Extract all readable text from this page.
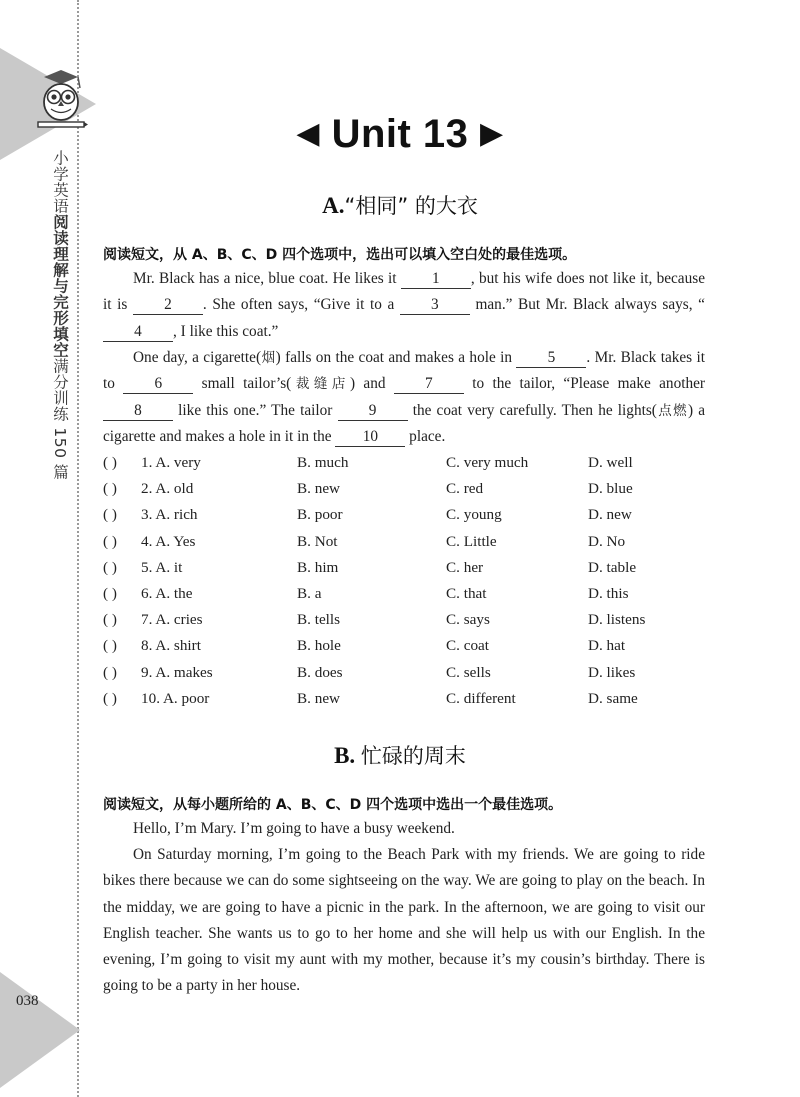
小学英语阅读理解与完形填空满分训练 150 篇
038
◀ Unit 13 ▶
A.“相同” 的大衣
阅读短文，从 A、B、C、D 四个选项中，选出可以填入空白处的最佳选项。
Mr. Black has a nice, blue coat. He likes it 1 , but his wife does not like it, because it is 2 . She often says, “Give it to a 3 man.” But Mr. Black always says, “4 , I like this coat.”
One day, a cigarette(烟) falls on the coat and makes a hole in 5 . Mr. Black takes it to 6 small tailor’s(裁缝店) and 7 to the tailor, “Please make another 8 like this one.” The tailor 9 the coat very carefully. Then he lights(点燃) a cigarette and makes a hole in it in the 10 place.
( ) 1. A. very	B. much	C. very much	D. well
( ) 2. A. old	B. new	C. red	D. blue
( ) 3. A. rich	B. poor	C. young	D. new
( ) 4. A. Yes	B. Not	C. Little	D. No
( ) 5. A. it	B. him	C. her	D. table
( ) 6. A. the	B. a	C. that	D. this
( ) 7. A. cries	B. tells	C. says	D. listens
( ) 8. A. shirt	B. hole	C. coat	D. hat
( ) 9. A. makes	B. does	C. sells	D. likes
( ) 10. A. poor	B. new	C. different	D. same
B. 忙碌的周末
阅读短文，从每小题所给的 A、B、C、D 四个选项中选出一个最佳选项。
Hello, I’m Mary. I’m going to have a busy weekend.
On Saturday morning, I’m going to the Beach Park with my friends. We are going to ride bikes there because we can do some sightseeing on the way. We are going to play on the beach. In the midday, we are going to have a picnic in the park. In the afternoon, we are going to visit our English teacher. She wants us to go to her home and she will help us with our English. In the evening, I’m going to visit my aunt with my mother, because it’s my cousin’s birthday. There is going to be a party in her house.
